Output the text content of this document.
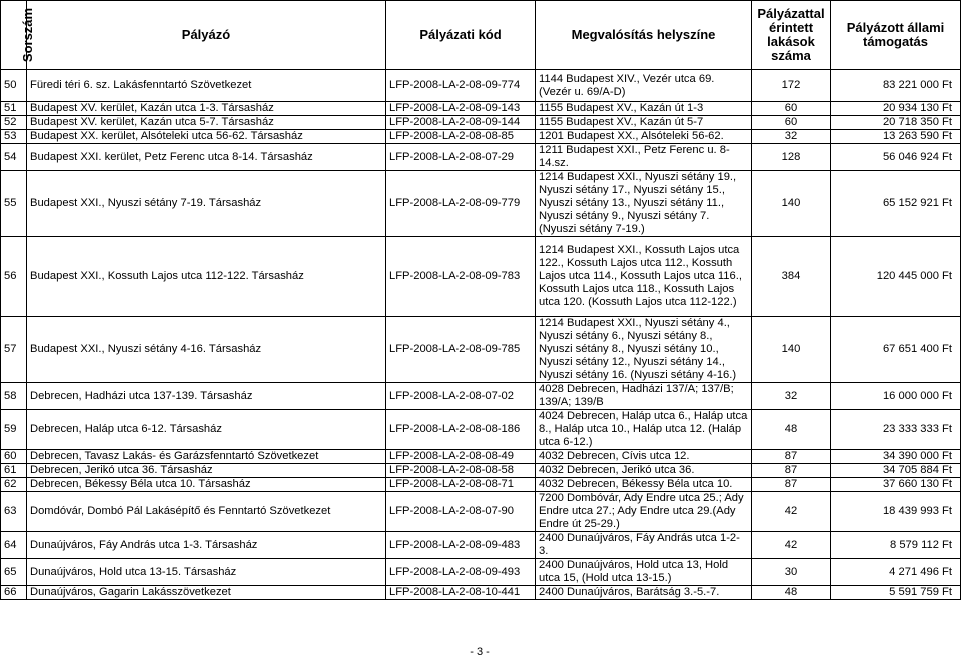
Sorszám	Pályázó	Pályázati kód	Megvalósítás helyszíne	Pályázattal érintett lakások száma	Pályázott állami támogatás
50	Füredi téri 6. sz. Lakásfenntartó Szövetkezet	LFP-2008-LA-2-08-09-774	1144 Budapest XIV., Vezér utca 69. (Vezér u. 69/A-D)	172	83 221 000 Ft
51	Budapest XV. kerület, Kazán utca 1-3. Társasház	LFP-2008-LA-2-08-09-143	1155 Budapest XV., Kazán út 1-3	60	20 934 130 Ft
52	Budapest XV. kerület, Kazán utca 5-7. Társasház	LFP-2008-LA-2-08-09-144	1155 Budapest XV., Kazán út 5-7	60	20 718 350 Ft
53	Budapest XX. kerület, Alsóteleki utca 56-62. Társasház	LFP-2008-LA-2-08-08-85	1201 Budapest XX., Alsóteleki 56-62.	32	13 263 590 Ft
54	Budapest XXI. kerület, Petz Ferenc utca 8-14. Társasház	LFP-2008-LA-2-08-07-29	1211 Budapest XXI., Petz Ferenc u. 8-14.sz.	128	56 046 924 Ft
55	Budapest XXI., Nyuszi sétány 7-19. Társasház	LFP-2008-LA-2-08-09-779	1214 Budapest XXI., Nyuszi sétány 19., Nyuszi sétány 17., Nyuszi sétány 15., Nyuszi sétány 13., Nyuszi sétány 11., Nyuszi sétány 9., Nyuszi sétány 7. (Nyuszi sétány 7-19.)	140	65 152 921 Ft
56	Budapest XXI., Kossuth Lajos utca 112-122. Társasház	LFP-2008-LA-2-08-09-783	1214 Budapest XXI., Kossuth Lajos utca 122., Kossuth Lajos utca 112., Kossuth Lajos utca 114., Kossuth Lajos utca 116., Kossuth Lajos utca 118., Kossuth Lajos utca 120. (Kossuth Lajos utca 112-122.)	384	120 445 000 Ft
57	Budapest XXI., Nyuszi sétány 4-16. Társasház	LFP-2008-LA-2-08-09-785	1214 Budapest XXI., Nyuszi sétány 4., Nyuszi sétány 6., Nyuszi sétány 8., Nyuszi sétány 8., Nyuszi sétány 10., Nyuszi sétány 12., Nyuszi sétány 14., Nyuszi sétány 16. (Nyuszi sétány 4-16.)	140	67 651 400 Ft
58	Debrecen, Hadházi utca 137-139. Társasház	LFP-2008-LA-2-08-07-02	4028 Debrecen, Hadházi 137/A; 137/B; 139/A; 139/B	32	16 000 000 Ft
59	Debrecen, Haláp utca 6-12. Társasház	LFP-2008-LA-2-08-08-186	4024 Debrecen, Haláp utca 6., Haláp utca 8., Haláp utca 10., Haláp utca 12. (Haláp utca 6-12.)	48	23 333 333 Ft
60	Debrecen, Tavasz Lakás- és Garázsfenntartó Szövetkezet	LFP-2008-LA-2-08-08-49	4032 Debrecen, Cívis utca 12.	87	34 390 000 Ft
61	Debrecen, Jerikó utca 36. Társasház	LFP-2008-LA-2-08-08-58	4032 Debrecen, Jerikó utca 36.	87	34 705 884 Ft
62	Debrecen, Békessy Béla utca 10. Társasház	LFP-2008-LA-2-08-08-71	4032 Debrecen, Békessy Béla utca 10.	87	37 660 130 Ft
63	Domdóvár, Dombó Pál Lakásépítő és Fenntartó Szövetkezet	LFP-2008-LA-2-08-07-90	7200 Dombóvár, Ady Endre utca 25.; Ady Endre utca 27.; Ady Endre utca 29.(Ady Endre út 25-29.)	42	18 439 993 Ft
64	Dunaújváros, Fáy András utca 1-3. Társasház	LFP-2008-LA-2-08-09-483	2400 Dunaújváros, Fáy András utca 1-2-3.	42	8 579 112 Ft
65	Dunaújváros, Hold utca 13-15. Társasház	LFP-2008-LA-2-08-09-493	2400 Dunaújváros, Hold utca 13, Hold utca 15, (Hold utca 13-15.)	30	4 271 496 Ft
66	Dunaújváros, Gagarin Lakásszövetkezet	LFP-2008-LA-2-08-10-441	2400 Dunaújváros, Barátság 3.-5.-7.	48	5 591 759 Ft
- 3 -
